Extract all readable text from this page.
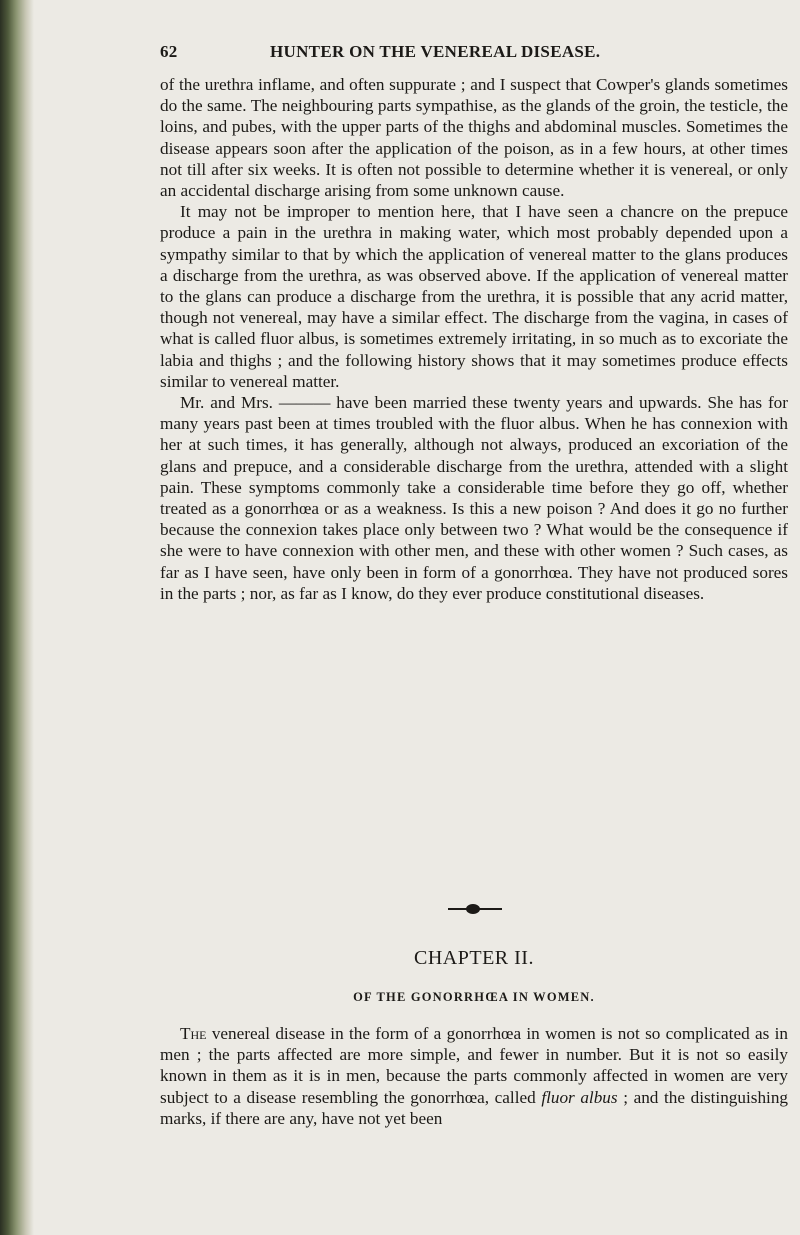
62	HUNTER ON THE VENEREAL DISEASE.

of the urethra inflame, and often suppurate ; and I suspect that Cowper's glands sometimes do the same. The neighbouring parts sympathise, as the glands of the groin, the testicle, the loins, and pubes, with the upper parts of the thighs and abdominal muscles. Sometimes the disease appears soon after the application of the poison, as in a few hours, at other times not till after six weeks. It is often not possible to determine whether it is venereal, or only an accidental discharge arising from some unknown cause.

It may not be improper to mention here, that I have seen a chancre on the prepuce produce a pain in the urethra in making water, which most probably depended upon a sympathy similar to that by which the application of venereal matter to the glans produces a discharge from the urethra, as was observed above. If the application of venereal matter to the glans can produce a discharge from the urethra, it is possible that any acrid matter, though not venereal, may have a similar effect. The discharge from the vagina, in cases of what is called fluor albus, is sometimes extremely irritating, in so much as to excoriate the labia and thighs ; and the following history shows that it may sometimes produce effects similar to venereal matter.

Mr. and Mrs. ——— have been married these twenty years and upwards. She has for many years past been at times troubled with the fluor albus. When he has connexion with her at such times, it has generally, although not always, produced an excoriation of the glans and prepuce, and a considerable discharge from the urethra, attended with a slight pain. These symptoms commonly take a considerable time before they go off, whether treated as a gonorrhœa or as a weakness. Is this a new poison ? And does it go no further because the connexion takes place only between two ? What would be the consequence if she were to have connexion with other men, and these with other women ? Such cases, as far as I have seen, have only been in form of a gonorrhœa. They have not produced sores in the parts ; nor, as far as I know, do they ever produce constitutional diseases.

CHAPTER II.
OF THE GONORRHŒA IN WOMEN.

The venereal disease in the form of a gonorrhœa in women is not so complicated as in men ; the parts affected are more simple, and fewer in number. But it is not so easily known in them as it is in men, because the parts commonly affected in women are very subject to a disease resembling the gonorrhœa, called fluor albus ; and the distinguishing marks, if there are any, have not yet been
